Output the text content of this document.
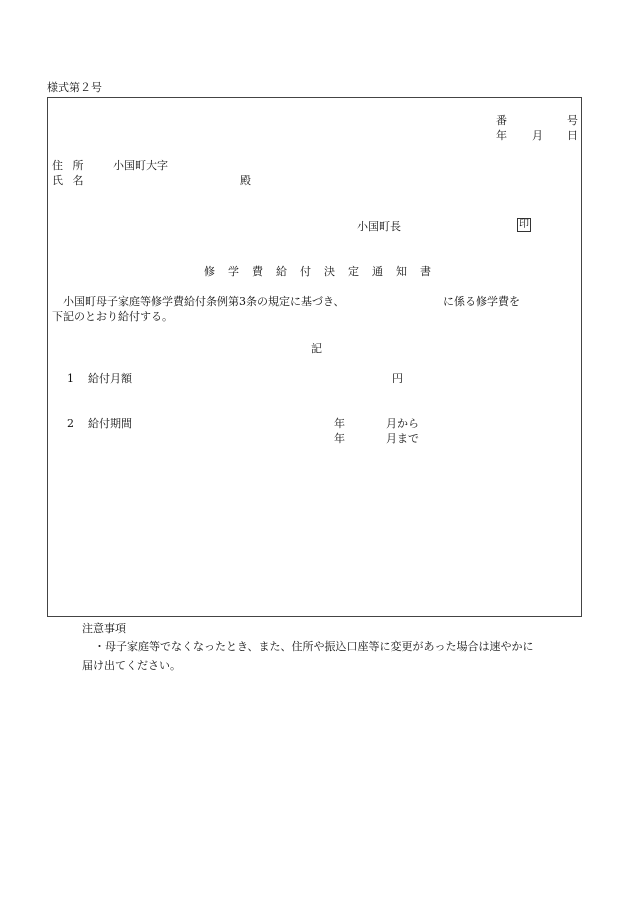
様式第２号
番	号
年 月 日
住 所	小国町大字
氏 名	殿
小国町長	印
修学費給付決定通知書
小国町母子家庭等修学費給付条例第3条の規定に基づき、	に係る修学費を
下記のとおり給付する。
記
1 給付月額	円
2 給付期間	年	月から
年	月まで
注意事項
・母子家庭等でなくなったとき、また、住所や振込口座等に変更があった場合は速やかに
届け出てください。
